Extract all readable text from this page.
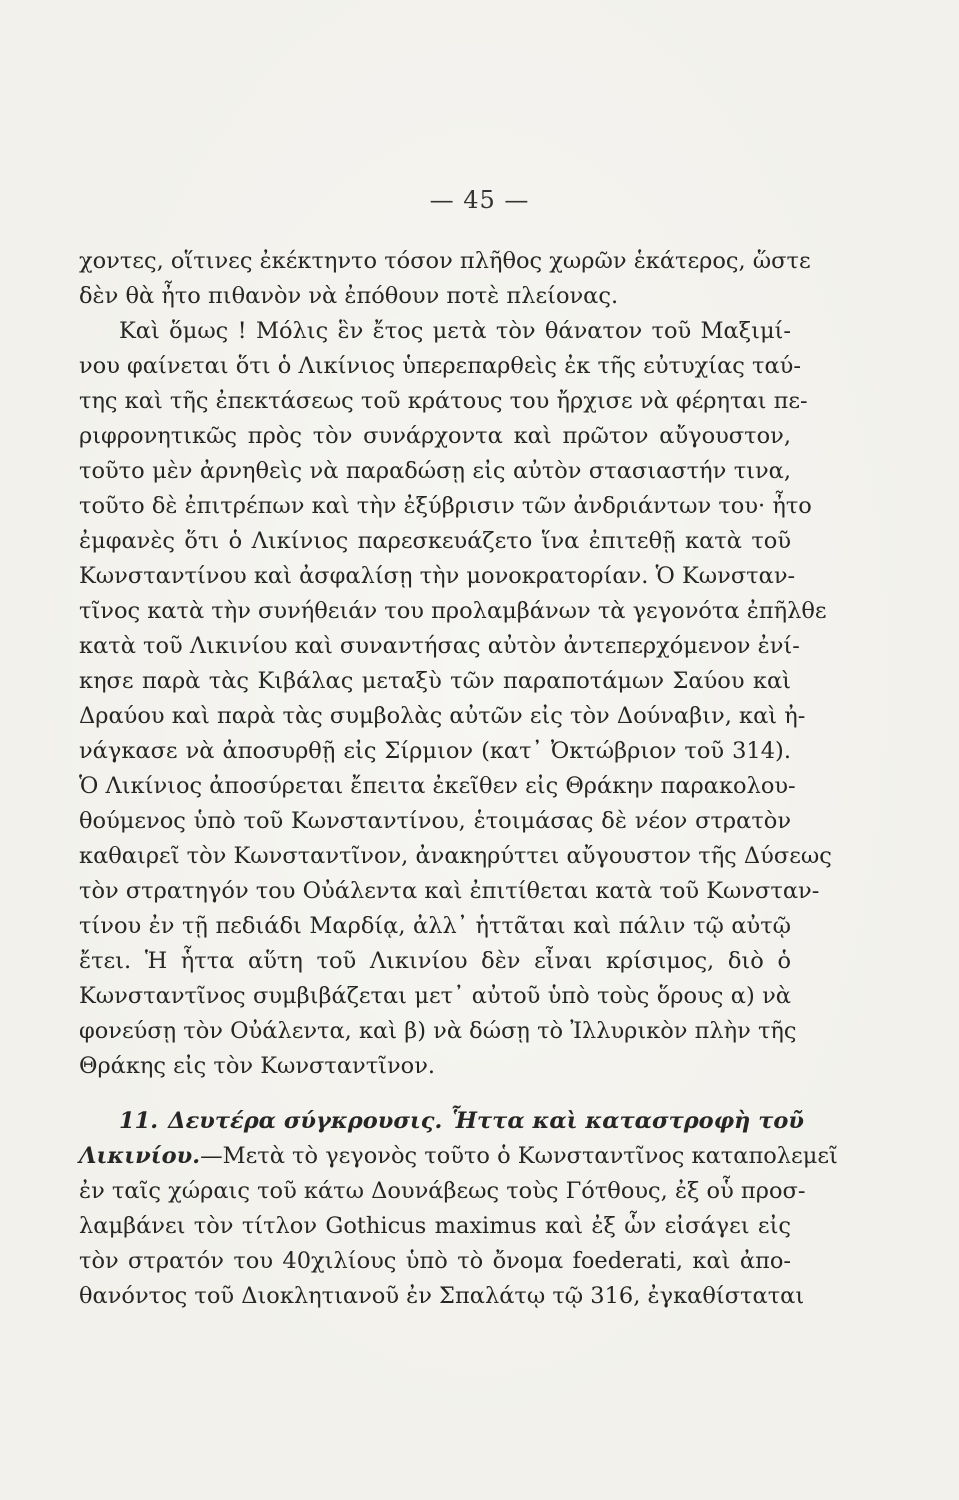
— 45 —
χοντες, οἵτινες ἐκέκτηντο τόσον πλῆθος χωρῶν ἑκάτερος, ὥστε
δὲν θὰ ἦτο πιθανὸν νὰ ἐπόθουν ποτὲ πλείονας.
Καὶ ὅμως ! Μόλις ἓν ἔτος μετὰ τὸν θάνατον τοῦ Μαξιμί-
νου φαίνεται ὅτι ὁ Λικίνιος ὑπερεπαρθεὶς ἐκ τῆς εὐτυχίας ταύ-
της καὶ τῆς ἐπεκτάσεως τοῦ κράτους του ἤρχισε νὰ φέρηται πε-
ριφρονητικῶς πρὸς τὸν συνάρχοντα καὶ πρῶτον αὔγουστον,
τοῦτο μὲν ἀρνηθεὶς νὰ παραδώσῃ εἰς αὐτὸν στασιαστήν τινα,
τοῦτο δὲ ἐπιτρέπων καὶ τὴν ἐξύβρισιν τῶν ἀνδριάντων του· ἦτο
ἐμφανὲς ὅτι ὁ Λικίνιος παρεσκευάζετο ἵνα ἐπιτεθῇ κατὰ τοῦ
Κωνσταντίνου καὶ ἀσφαλίσῃ τὴν μονοκρατορίαν. Ὁ Κωνσταν-
τῖνος κατὰ τὴν συνήθειάν του προλαμβάνων τὰ γεγονότα ἐπῆλθε
κατὰ τοῦ Λικινίου καὶ συναντήσας αὐτὸν ἀντεπερχόμενον ἐνί-
κησε παρὰ τὰς Κιβάλας μεταξὺ τῶν παραποτάμων Σαύου καὶ
Δραύου καὶ παρὰ τὰς συμβολὰς αὐτῶν εἰς τὸν Δούναβιν, καὶ ἠ-
νάγκασε νὰ ἀποσυρθῇ εἰς Σίρμιον (κατ᾽ Ὀκτώβριον τοῦ 314).
Ὁ Λικίνιος ἀποσύρεται ἔπειτα ἐκεῖθεν εἰς Θράκην παρακολου-
θούμενος ὑπὸ τοῦ Κωνσταντίνου, ἑτοιμάσας δὲ νέον στρατὸν
καθαιρεῖ τὸν Κωνσταντῖνον, ἀνακηρύττει αὔγουστον τῆς Δύσεως
τὸν στρατηγόν του Οὐάλεντα καὶ ἐπιτίθεται κατὰ τοῦ Κωνσταν-
τίνου ἐν τῇ πεδιάδι Μαρδίᾳ, ἀλλ᾽ ἡττᾶται καὶ πάλιν τῷ αὐτῷ
ἔτει. Ἡ ἧττα αὕτη τοῦ Λικινίου δὲν εἶναι κρίσιμος, διὸ ὁ
Κωνσταντῖνος συμβιβάζεται μετ᾽ αὐτοῦ ὑπὸ τοὺς ὅρους α) νὰ
φονεύσῃ τὸν Οὐάλεντα, καὶ β) νὰ δώσῃ τὸ Ἰλλυρικὸν πλὴν τῆς
Θράκης εἰς τὸν Κωνσταντῖνον.
11. Δευτέρα σύγκρουσις. Ἧττα καὶ καταστροφὴ τοῦ
Λικινίου.—Μετὰ τὸ γεγονὸς τοῦτο ὁ Κωνσταντῖνος καταπολεμεῖ
ἐν ταῖς χώραις τοῦ κάτω Δουνάβεως τοὺς Γότθους, ἐξ οὗ προσ-
λαμβάνει τὸν τίτλον Gothicus maximus καὶ ἐξ ὧν εἰσάγει εἰς
τὸν στρατόν του 40χιλίους ὑπὸ τὸ ὄνομα foederati, καὶ ἀπο-
θανόντος τοῦ Διοκλητιανοῦ ἐν Σπαλάτῳ τῷ 316, ἐγκαθίσταται
